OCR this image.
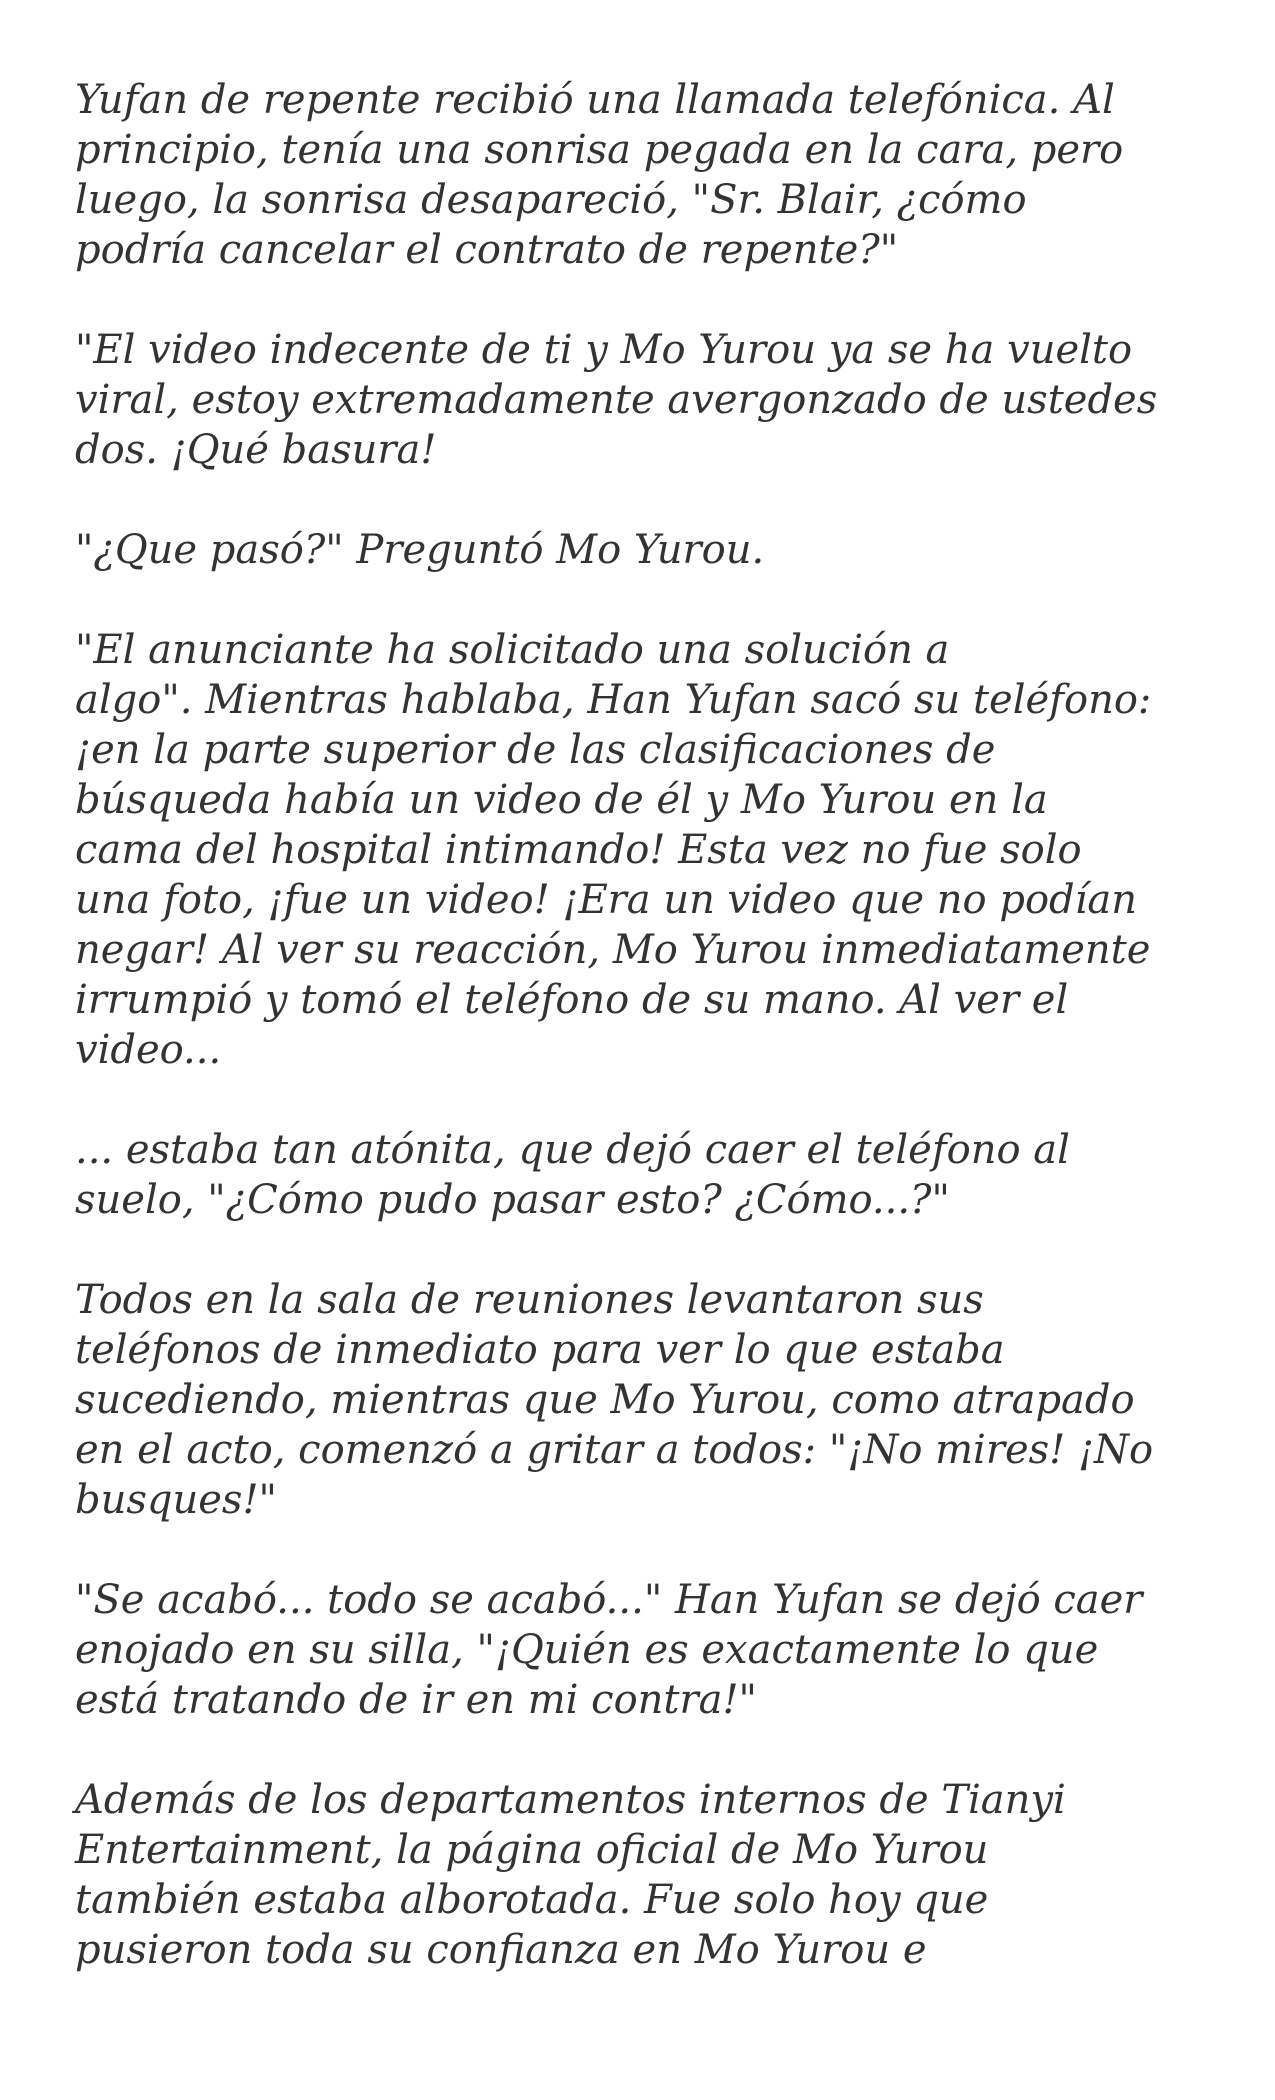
Yufan de repente recibió una llamada telefónica. Al
principio, tenía una sonrisa pegada en la cara, pero
luego, la sonrisa desapareció, "Sr. Blair, ¿cómo
podría cancelar el contrato de repente?"
"El video indecente de ti y Mo Yurou ya se ha vuelto
viral, estoy extremadamente avergonzado de ustedes
dos. ¡Qué basura!
"¿Que pasó?" Preguntó Mo Yurou.
"El anunciante ha solicitado una solución a
algo". Mientras hablaba, Han Yufan sacó su teléfono:
¡en la parte superior de las clasificaciones de
búsqueda había un video de él y Mo Yurou en la
cama del hospital intimando! Esta vez no fue solo
una foto, ¡fue un video! ¡Era un video que no podían
negar! Al ver su reacción, Mo Yurou inmediatamente
irrumpió y tomó el teléfono de su mano. Al ver el
video...
... estaba tan atónita, que dejó caer el teléfono al
suelo, "¿Cómo pudo pasar esto? ¿Cómo...?"
Todos en la sala de reuniones levantaron sus
teléfonos de inmediato para ver lo que estaba
sucediendo, mientras que Mo Yurou, como atrapado
en el acto, comenzó a gritar a todos: "¡No mires! ¡No
busques!"
"Se acabó... todo se acabó..." Han Yufan se dejó caer
enojado en su silla, "¡Quién es exactamente lo que
está tratando de ir en mi contra!"
Además de los departamentos internos de Tianyi
Entertainment, la página oficial de Mo Yurou
también estaba alborotada. Fue solo hoy que
pusieron toda su confianza en Mo Yurou e
